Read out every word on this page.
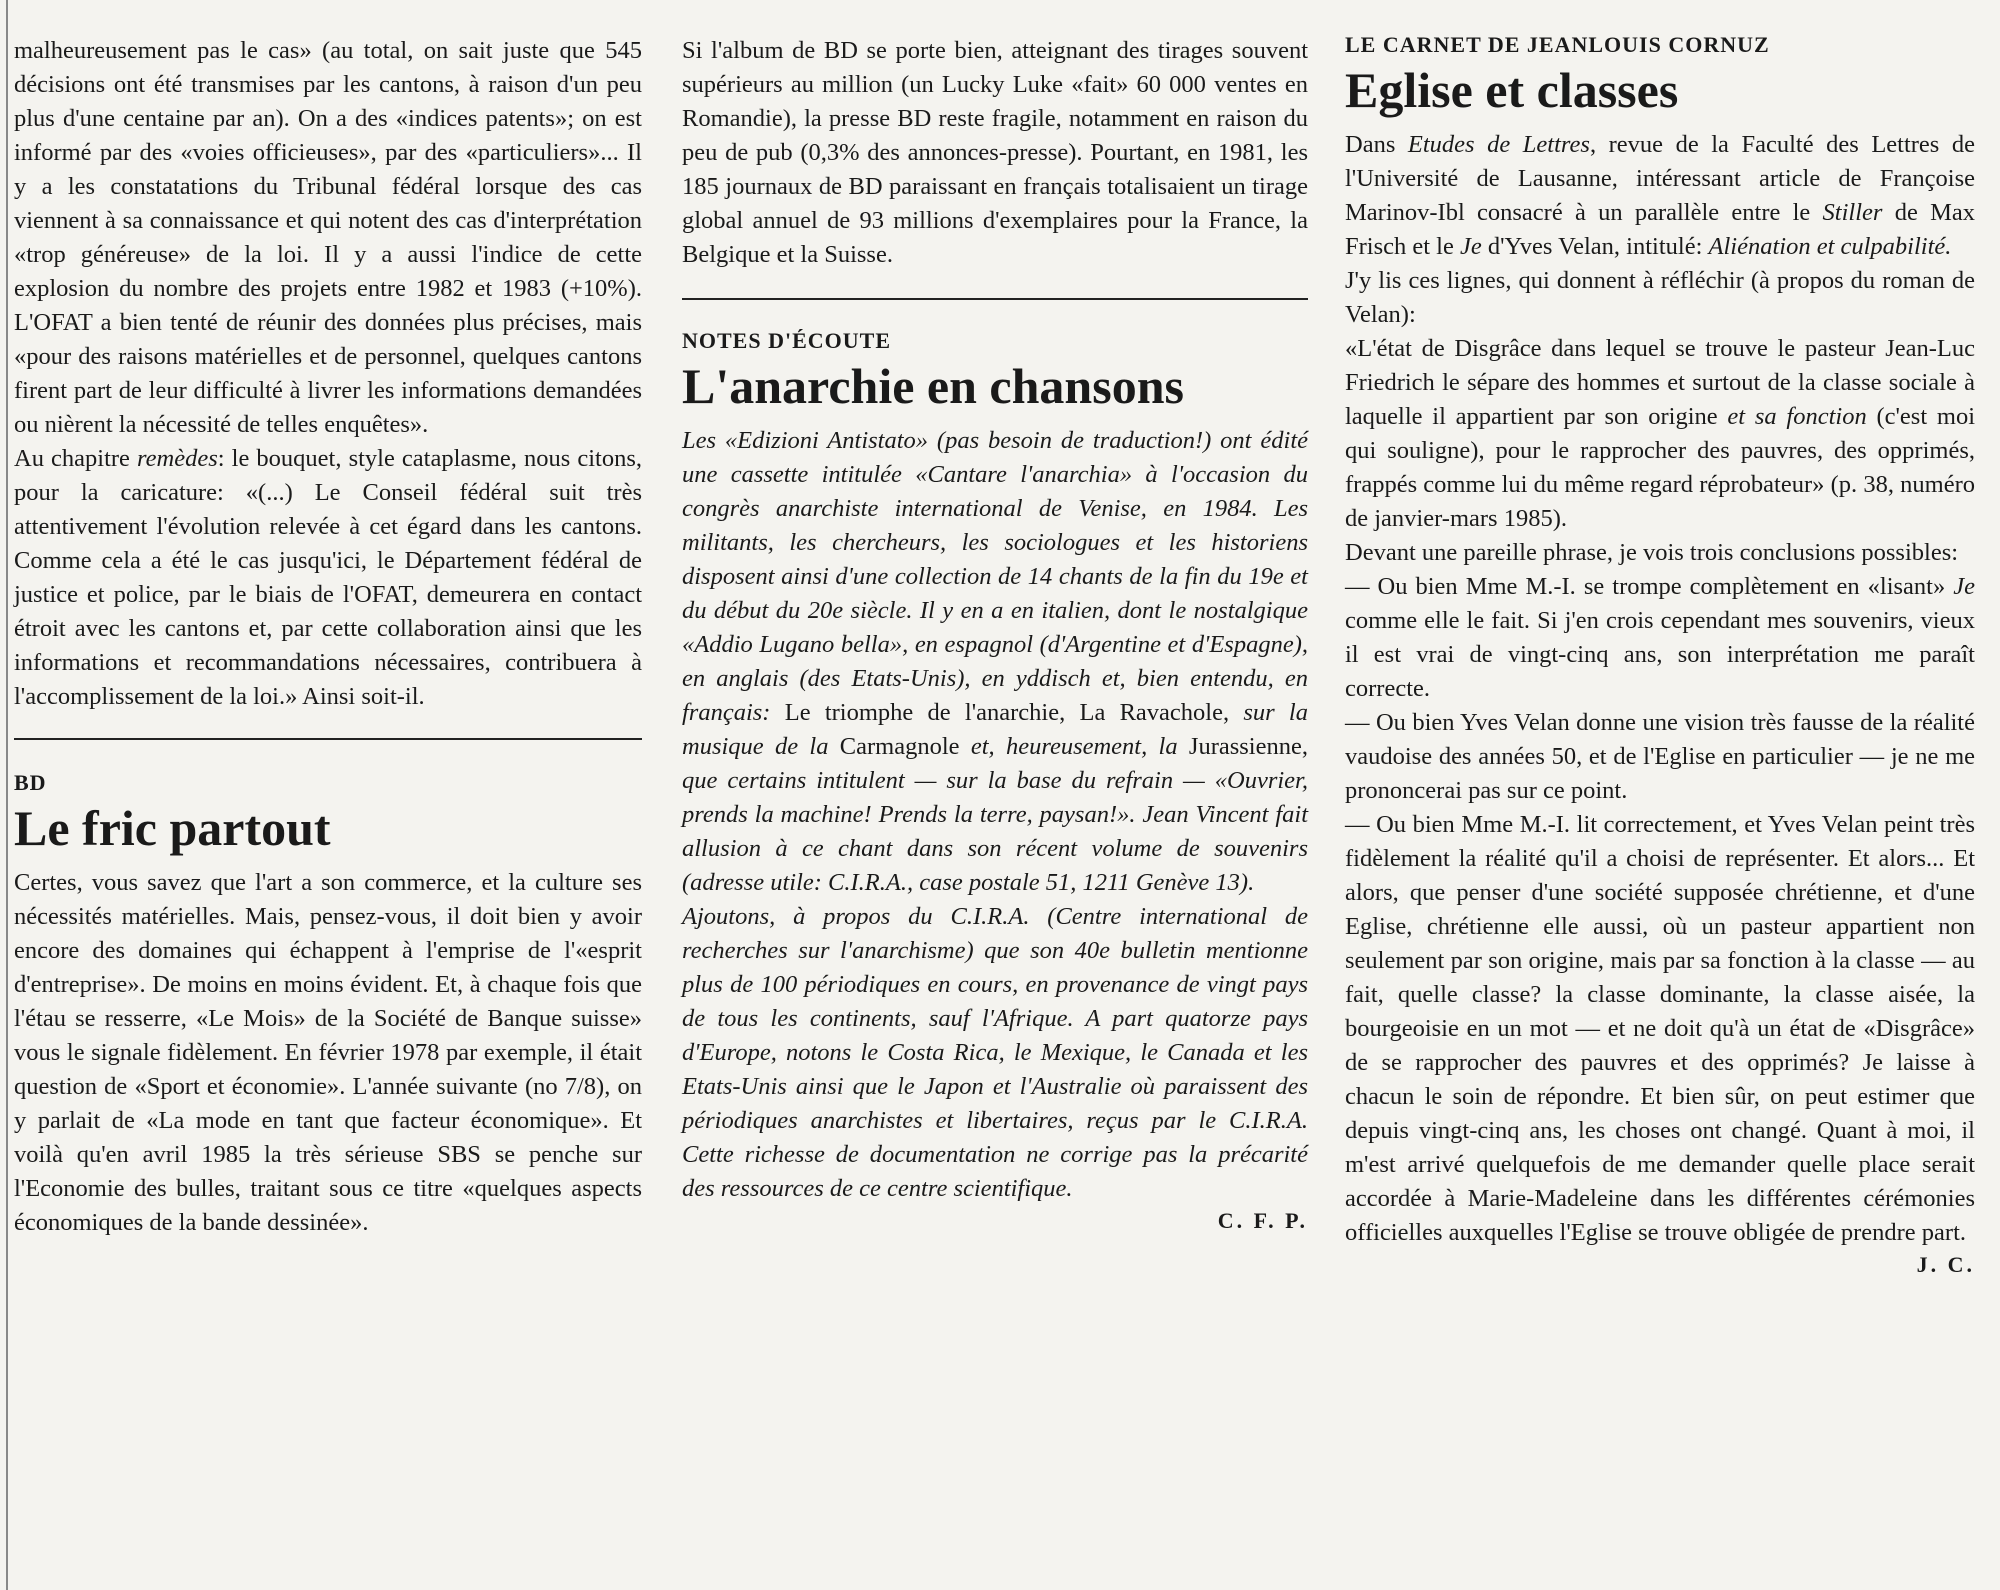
malheureusement pas le cas» (au total, on sait juste que 545 décisions ont été transmises par les cantons, à raison d'un peu plus d'une centaine par an). On a des «indices patents»; on est informé par des «voies officieuses», par des «particuliers»... Il y a les constatations du Tribunal fédéral lorsque des cas viennent à sa connaissance et qui notent des cas d'interprétation «trop généreuse» de la loi. Il y a aussi l'indice de cette explosion du nombre des projets entre 1982 et 1983 (+10%). L'OFAT a bien tenté de réunir des données plus précises, mais «pour des raisons matérielles et de personnel, quelques cantons firent part de leur difficulté à livrer les informations demandées ou nièrent la nécessité de telles enquêtes».

Au chapitre remèdes: le bouquet, style cataplasme, nous citons, pour la caricature: «(...) Le Conseil fédéral suit très attentivement l'évolution relevée à cet égard dans les cantons. Comme cela a été le cas jusqu'ici, le Département fédéral de justice et police, par le biais de l'OFAT, demeurera en contact étroit avec les cantons et, par cette collaboration ainsi que les informations et recommandations nécessaires, contribuera à l'accomplissement de la loi.» Ainsi soit-il.

BD

Le fric partout

Certes, vous savez que l'art a son commerce, et la culture ses nécessités matérielles. Mais, pensez-vous, il doit bien y avoir encore des domaines qui échappent à l'emprise de l'«esprit d'entreprise». De moins en moins évident. Et, à chaque fois que l'étau se resserre, «Le Mois» de la Société de Banque suisse» vous le signale fidèlement. En février 1978 par exemple, il était question de «Sport et économie». L'année suivante (no 7/8), on y parlait de «La mode en tant que facteur économique». Et voilà qu'en avril 1985 la très sérieuse SBS se penche sur l'Economie des bulles, traitant sous ce titre «quelques aspects économiques de la bande dessinée».

Si l'album de BD se porte bien, atteignant des tirages souvent supérieurs au million (un Lucky Luke «fait» 60 000 ventes en Romandie), la presse BD reste fragile, notamment en raison du peu de pub (0,3% des annonces-presse). Pourtant, en 1981, les 185 journaux de BD paraissant en français totalisaient un tirage global annuel de 93 millions d'exemplaires pour la France, la Belgique et la Suisse.

NOTES D'ÉCOUTE

L'anarchie en chansons

Les «Edizioni Antistato» (pas besoin de traduction!) ont édité une cassette intitulée «Cantare l'anarchia» à l'occasion du congrès anarchiste international de Venise, en 1984. Les militants, les chercheurs, les sociologues et les historiens disposent ainsi d'une collection de 14 chants de la fin du 19e et du début du 20e siècle. Il y en a en italien, dont le nostalgique «Addio Lugano bella», en espagnol (d'Argentine et d'Espagne), en anglais (des Etats-Unis), en yddisch et, bien entendu, en français: Le triomphe de l'anarchie, La Ravachole, sur la musique de la Carmagnole et, heureusement, la Jurassienne, que certains intitulent — sur la base du refrain — «Ouvrier, prends la machine! Prends la terre, paysan!». Jean Vincent fait allusion à ce chant dans son récent volume de souvenirs (adresse utile: C.I.R.A., case postale 51, 1211 Genève 13).

Ajoutons, à propos du C.I.R.A. (Centre international de recherches sur l'anarchisme) que son 40e bulletin mentionne plus de 100 périodiques en cours, en provenance de vingt pays de tous les continents, sauf l'Afrique. A part quatorze pays d'Europe, notons le Costa Rica, le Mexique, le Canada et les Etats-Unis ainsi que le Japon et l'Australie où paraissent des périodiques anarchistes et libertaires, reçus par le C.I.R.A. Cette richesse de documentation ne corrige pas la précarité des ressources de ce centre scientifique.

C. F. P.

LE CARNET DE JEANLOUIS CORNUZ

Eglise et classes

Dans Etudes de Lettres, revue de la Faculté des Lettres de l'Université de Lausanne, intéressant article de Françoise Marinov-Ibl consacré à un parallèle entre le Stiller de Max Frisch et le Je d'Yves Velan, intitulé: Aliénation et culpabilité.

J'y lis ces lignes, qui donnent à réfléchir (à propos du roman de Velan):

«L'état de Disgrâce dans lequel se trouve le pasteur Jean-Luc Friedrich le sépare des hommes et surtout de la classe sociale à laquelle il appartient par son origine et sa fonction (c'est moi qui souligne), pour le rapprocher des pauvres, des opprimés, frappés comme lui du même regard réprobateur» (p. 38, numéro de janvier-mars 1985).

Devant une pareille phrase, je vois trois conclusions possibles:

— Ou bien Mme M.-I. se trompe complètement en «lisant» Je comme elle le fait. Si j'en crois cependant mes souvenirs, vieux il est vrai de vingt-cinq ans, son interprétation me paraît correcte.

— Ou bien Yves Velan donne une vision très fausse de la réalité vaudoise des années 50, et de l'Eglise en particulier — je ne me prononcerai pas sur ce point.

— Ou bien Mme M.-I. lit correctement, et Yves Velan peint très fidèlement la réalité qu'il a choisi de représenter. Et alors... Et alors, que penser d'une société supposée chrétienne, et d'une Eglise, chrétienne elle aussi, où un pasteur appartient non seulement par son origine, mais par sa fonction à la classe — au fait, quelle classe? la classe dominante, la classe aisée, la bourgeoisie en un mot — et ne doit qu'à un état de «Disgrâce» de se rapprocher des pauvres et des opprimés? Je laisse à chacun le soin de répondre. Et bien sûr, on peut estimer que depuis vingt-cinq ans, les choses ont changé. Quant à moi, il m'est arrivé quelquefois de me demander quelle place serait accordée à Marie-Madeleine dans les différentes cérémonies officielles auxquelles l'Eglise se trouve obligée de prendre part.

J. C.
